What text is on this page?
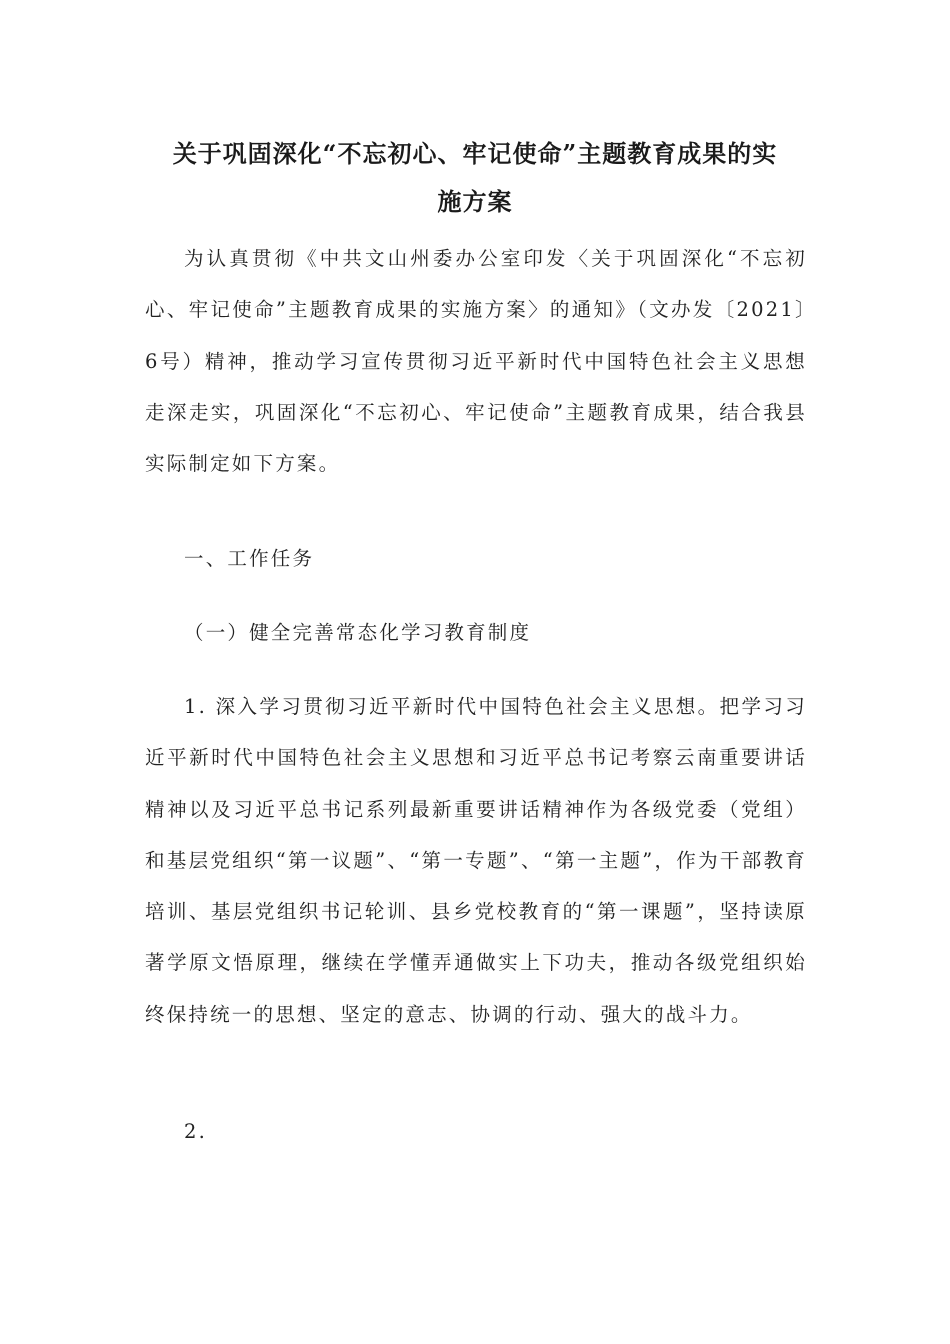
关于巩固深化“不忘初心、牢记使命”主题教育成果的实
施方案

为认真贯彻《中共文山州委办公室印发〈关于巩固深化“不忘初心、牢记使命”主题教育成果的实施方案〉的通知》（文办发〔2021〕6号）精神，推动学习宣传贯彻习近平新时代中国特色社会主义思想走深走实，巩固深化“不忘初心、牢记使命”主题教育成果，结合我县实际制定如下方案。

一、工作任务

（一）健全完善常态化学习教育制度

1. 深入学习贯彻习近平新时代中国特色社会主义思想。把学习习近平新时代中国特色社会主义思想和习近平总书记考察云南重要讲话精神以及习近平总书记系列最新重要讲话精神作为各级党委（党组）和基层党组织“第一议题”、“第一专题”、“第一主题”，作为干部教育培训、基层党组织书记轮训、县乡党校教育的“第一课题”，坚持读原著学原文悟原理，继续在学懂弄通做实上下功夫，推动各级党组织始终保持统一的思想、坚定的意志、协调的行动、强大的战斗力。

2.
